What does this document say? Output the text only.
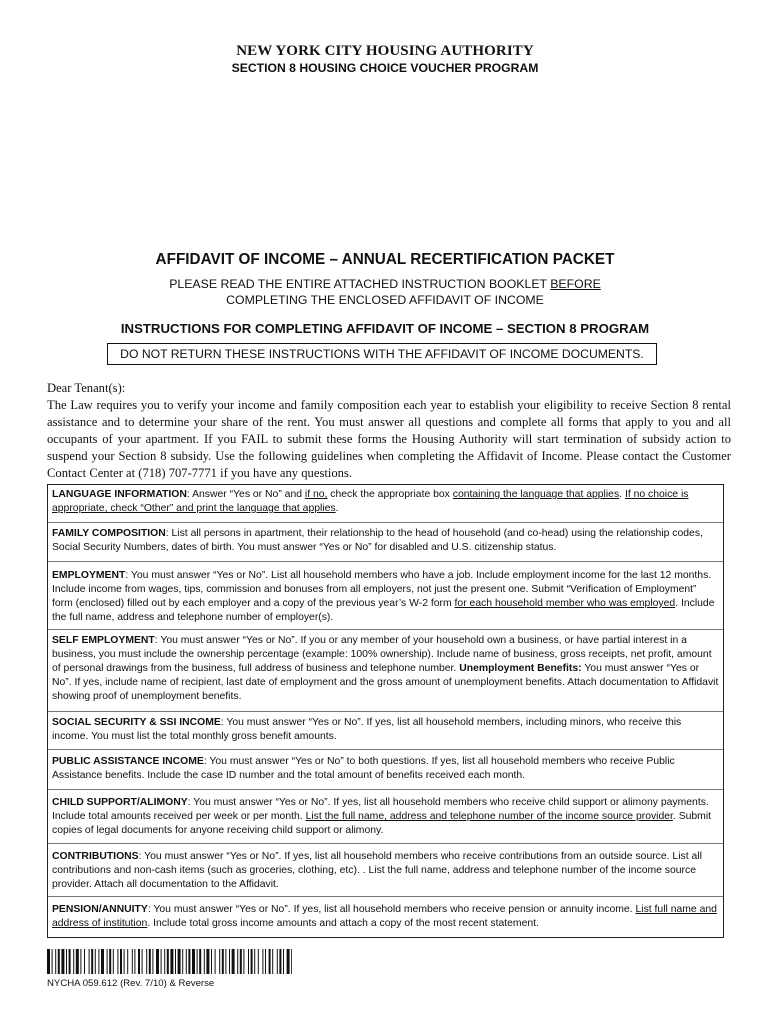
NEW YORK CITY HOUSING AUTHORITY
SECTION 8 HOUSING CHOICE VOUCHER PROGRAM
AFFIDAVIT OF INCOME – ANNUAL RECERTIFICATION PACKET
PLEASE READ THE ENTIRE ATTACHED INSTRUCTION BOOKLET BEFORE
COMPLETING THE ENCLOSED AFFIDAVIT OF INCOME
INSTRUCTIONS FOR COMPLETING AFFIDAVIT OF INCOME – SECTION 8 PROGRAM
DO NOT RETURN THESE INSTRUCTIONS WITH THE AFFIDAVIT OF INCOME DOCUMENTS.
Dear Tenant(s):
The Law requires you to verify your income and family composition each year to establish your eligibility to receive Section 8 rental assistance and to determine your share of the rent. You must answer all questions and complete all forms that apply to you and all occupants of your apartment. If you FAIL to submit these forms the Housing Authority will start termination of subsidy action to suspend your Section 8 subsidy. Use the following guidelines when completing the Affidavit of Income. Please contact the Customer Contact Center at (718) 707-7771 if you have any questions.
LANGUAGE INFORMATION: Answer “Yes or No” and if no, check the appropriate box containing the language that applies. If no choice is appropriate, check “Other” and print the language that applies.
FAMILY COMPOSITION: List all persons in apartment, their relationship to the head of household (and co-head) using the relationship codes, Social Security Numbers, dates of birth. You must answer “Yes or No” for disabled and U.S. citizenship status.
EMPLOYMENT: You must answer “Yes or No”. List all household members who have a job. Include employment income for the last 12 months. Include income from wages, tips, commission and bonuses from all employers, not just the present one. Submit “Verification of Employment” form (enclosed) filled out by each employer and a copy of the previous year’s W-2 form for each household member who was employed. Include the full name, address and telephone number of employer(s).
SELF EMPLOYMENT: You must answer “Yes or No”. If you or any member of your household own a business, or have partial interest in a business, you must include the ownership percentage (example: 100% ownership). Include name of business, gross receipts, net profit, amount of personal drawings from the business, full address of business and telephone number. Unemployment Benefits: You must answer “Yes or No”. If yes, include name of recipient, last date of employment and the gross amount of unemployment benefits. Attach documentation to Affidavit showing proof of unemployment benefits.
SOCIAL SECURITY & SSI INCOME: You must answer “Yes or No”. If yes, list all household members, including minors, who receive this income. You must list the total monthly gross benefit amounts.
PUBLIC ASSISTANCE INCOME: You must answer “Yes or No” to both questions. If yes, list all household members who receive Public Assistance benefits. Include the case ID number and the total amount of benefits received each month.
CHILD SUPPORT/ALIMONY: You must answer “Yes or No”. If yes, list all household members who receive child support or alimony payments. Include total amounts received per week or per month. List the full name, address and telephone number of the income source provider. Submit copies of legal documents for anyone receiving child support or alimony.
CONTRIBUTIONS: You must answer “Yes or No”. If yes, list all household members who receive contributions from an outside source. List all contributions and non-cash items (such as groceries, clothing, etc). . List the full name, address and telephone number of the income source provider. Attach all documentation to the Affidavit.
PENSION/ANNUITY: You must answer “Yes or No”. If yes, list all household members who receive pension or annuity income. List full name and address of institution. Include total gross income amounts and attach a copy of the most recent statement.
NYCHA 059.612 (Rev. 7/10) & Reverse
